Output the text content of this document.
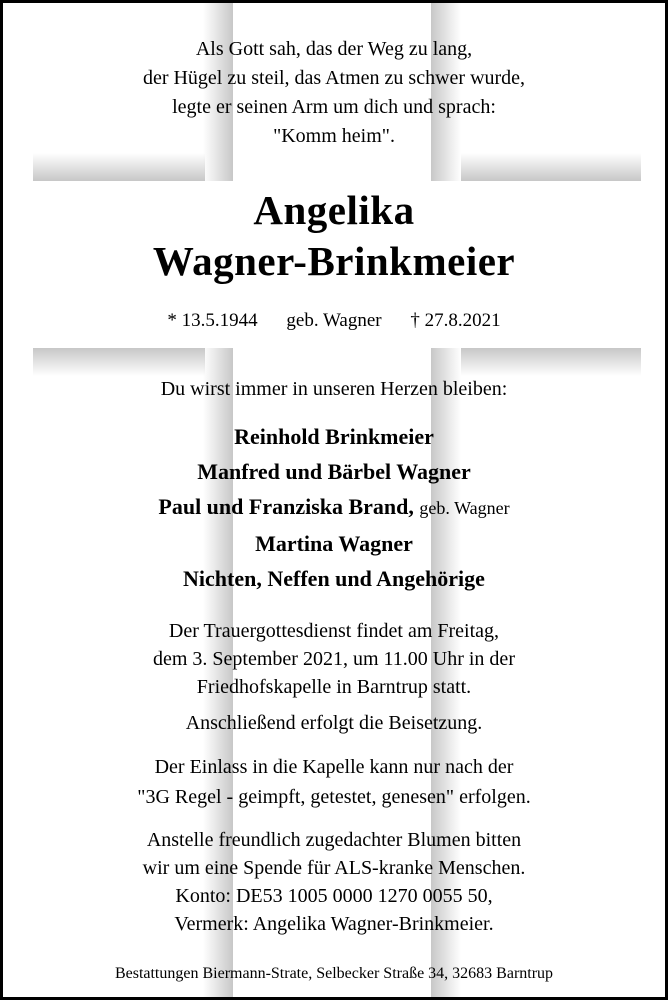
Als Gott sah, das der Weg zu lang,
der Hügel zu steil, das Atmen zu schwer wurde,
legte er seinen Arm um dich und sprach:
"Komm heim".
Angelika
Wagner-Brinkmeier
* 13.5.1944 geb. Wagner † 27.8.2021
Du wirst immer in unseren Herzen bleiben:
Reinhold Brinkmeier
Manfred und Bärbel Wagner
Paul und Franziska Brand, geb. Wagner
Martina Wagner
Nichten, Neffen und Angehörige
Der Trauergottesdienst findet am Freitag,
dem 3. September 2021, um 11.00 Uhr in der
Friedhofskapelle in Barntrup statt.
Anschließend erfolgt die Beisetzung.
Der Einlass in die Kapelle kann nur nach der
"3G Regel - geimpft, getestet, genesen" erfolgen.
Anstelle freundlich zugedachter Blumen bitten
wir um eine Spende für ALS-kranke Menschen.
Konto: DE53 1005 0000 1270 0055 50,
Vermerk: Angelika Wagner-Brinkmeier.
Bestattungen Biermann-Strate, Selbecker Straße 34, 32683 Barntrup
